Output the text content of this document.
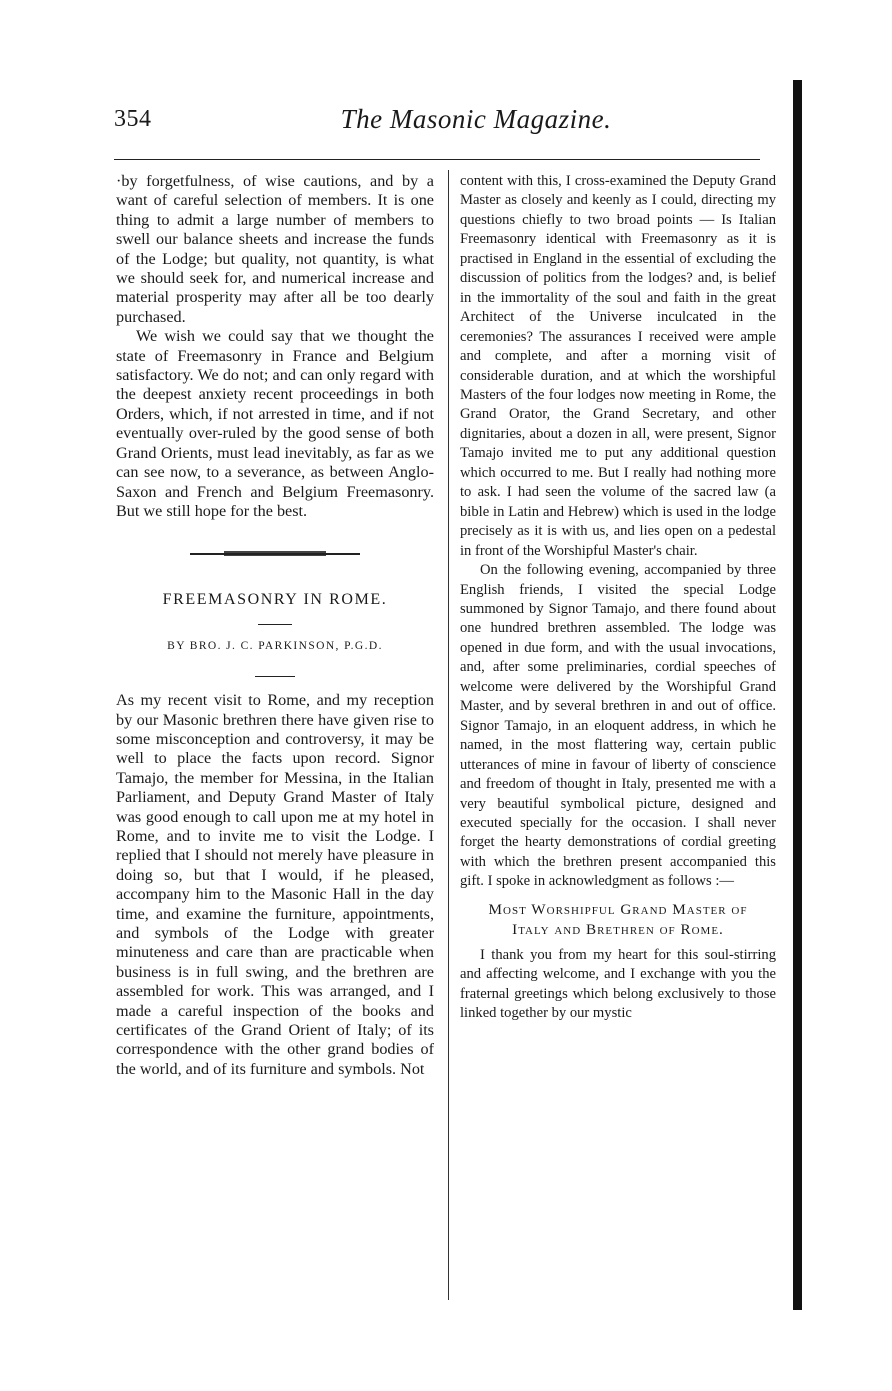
354	The Masonic Magazine.

·by forgetfulness, of wise cautions, and by a want of careful selection of members. It is one thing to admit a large number of members to swell our balance sheets and increase the funds of the Lodge; but quality, not quantity, is what we should seek for, and numerical increase and material prosperity may after all be too dearly purchased.

We wish we could say that we thought the state of Freemasonry in France and Belgium satisfactory. We do not; and can only regard with the deepest anxiety recent proceedings in both Orders, which, if not arrested in time, and if not eventually over-ruled by the good sense of both Grand Orients, must lead inevitably, as far as we can see now, to a severance, as between Anglo-Saxon and French and Belgium Freemasonry. But we still hope for the best.

FREEMASONRY IN ROME.
BY BRO. J. C. PARKINSON, P.G.D.

As my recent visit to Rome, and my reception by our Masonic brethren there have given rise to some misconception and controversy, it may be well to place the facts upon record. Signor Tamajo, the member for Messina, in the Italian Parliament, and Deputy Grand Master of Italy was good enough to call upon me at my hotel in Rome, and to invite me to visit the Lodge. I replied that I should not merely have pleasure in doing so, but that I would, if he pleased, accompany him to the Masonic Hall in the day time, and examine the furniture, appointments, and symbols of the Lodge with greater minuteness and care than are practicable when business is in full swing, and the brethren are assembled for work. This was arranged, and I made a careful inspection of the books and certificates of the Grand Orient of Italy; of its correspondence with the other grand bodies of the world, and of its furniture and symbols. Not

content with this, I cross-examined the Deputy Grand Master as closely and keenly as I could, directing my questions chiefly to two broad points — Is Italian Freemasonry identical with Freemasonry as it is practised in England in the essential of excluding the discussion of politics from the lodges? and, is belief in the immortality of the soul and faith in the great Architect of the Universe inculcated in the ceremonies? The assurances I received were ample and complete, and after a morning visit of considerable duration, and at which the worshipful Masters of the four lodges now meeting in Rome, the Grand Orator, the Grand Secretary, and other dignitaries, about a dozen in all, were present, Signor Tamajo invited me to put any additional question which occurred to me. But I really had nothing more to ask. I had seen the volume of the sacred law (a bible in Latin and Hebrew) which is used in the lodge precisely as it is with us, and lies open on a pedestal in front of the Worshipful Master's chair.

On the following evening, accompanied by three English friends, I visited the special Lodge summoned by Signor Tamajo, and there found about one hundred brethren assembled. The lodge was opened in due form, and with the usual invocations, and, after some preliminaries, cordial speeches of welcome were delivered by the Worshipful Grand Master, and by several brethren in and out of office. Signor Tamajo, in an eloquent address, in which he named, in the most flattering way, certain public utterances of mine in favour of liberty of conscience and freedom of thought in Italy, presented me with a very beautiful symbolical picture, designed and executed specially for the occasion. I shall never forget the hearty demonstrations of cordial greeting with which the brethren present accompanied this gift. I spoke in acknowledgment as follows :—

Most Worshipful Grand Master of
Italy and Brethren of Rome.

I thank you from my heart for this soul-stirring and affecting welcome, and I exchange with you the fraternal greetings which belong exclusively to those linked together by our mystic
